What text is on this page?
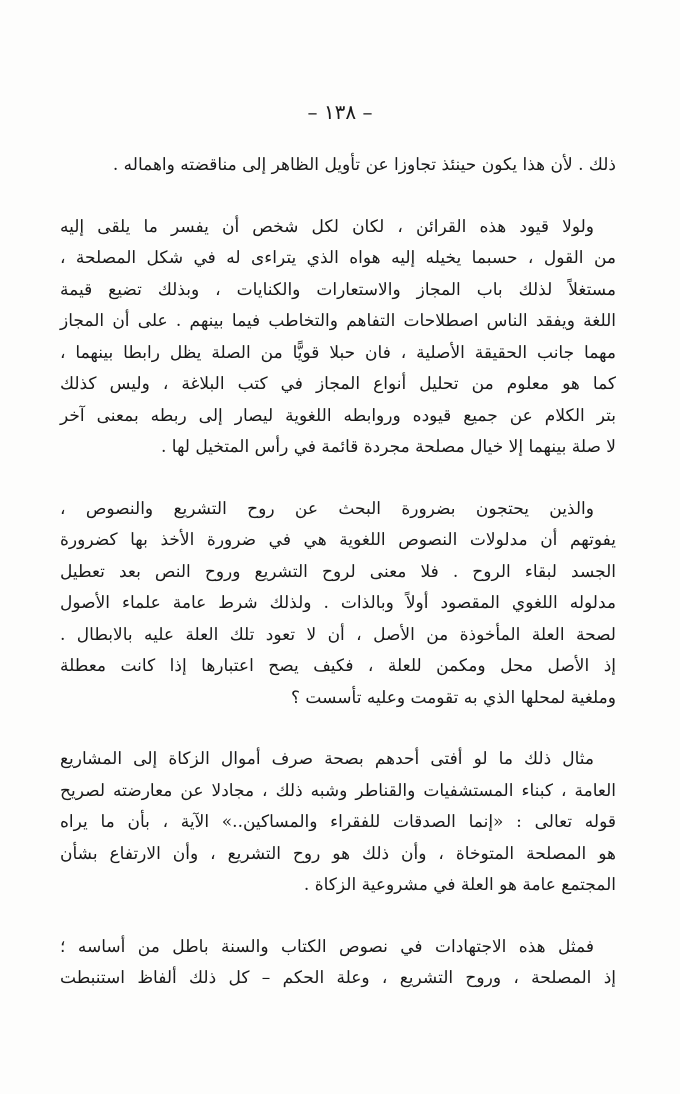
– ١٣٨ –
ذلك . لأن هذا يكون حينئذ تجاوزا عن تأويل الظاهر إلى مناقضته واهماله .
ولولا قيود هذه القرائن ، لكان لكل شخص أن يفسر ما يلقى إليه
من القول ، حسبما يخيله إليه هواه الذي يتراءى له في شكل المصلحة ،
مستغلاً لذلك باب المجاز والاستعارات والكنايات ، وبذلك تضيع قيمة
اللغة ويفقد الناس اصطلاحات التفاهم والتخاطب فيما بينهم . على أن المجاز
مهما جانب الحقيقة الأصلية ، فان حبلا قويًّا من الصلة يظل رابطا بينهما ،
كما هو معلوم من تحليل أنواع المجاز في كتب البلاغة ، وليس كذلك
بتر الكلام عن جميع قيوده وروابطه اللغوية ليصار إلى ربطه بمعنى آخر
لا صلة بينهما إلا خيال مصلحة مجردة قائمة في رأس المتخيل لها .
والذين يحتجون بضرورة البحث عن روح التشريع والنصوص ،
يفوتهم أن مدلولات النصوص اللغوية هي في ضرورة الأخذ بها كضرورة
الجسد لبقاء الروح . فلا معنى لروح التشريع وروح النص بعد تعطيل
مدلوله اللغوي المقصود أولاً وبالذات . ولذلك شرط عامة علماء الأصول
لصحة العلة المأخوذة من الأصل ، أن لا تعود تلك العلة عليه بالابطال .
إذ الأصل محل ومكمن للعلة ، فكيف يصح اعتبارها إذا كانت معطلة
وملغية لمحلها الذي به تقومت وعليه تأسست ؟
مثال ذلك ما لو أفتى أحدهم بصحة صرف أموال الزكاة إلى المشاريع
العامة ، كبناء المستشفيات والقناطر وشبه ذلك ، مجادلا عن معارضته لصريح
قوله تعالى : «إنما الصدقات للفقراء والمساكين..» الآية ، بأن ما يراه
هو المصلحة المتوخاة ، وأن ذلك هو روح التشريع ، وأن الارتفاع بشأن
المجتمع عامة هو العلة في مشروعية الزكاة .
فمثل هذه الاجتهادات في نصوص الكتاب والسنة باطل من أساسه ؛
إذ المصلحة ، وروح التشريع ، وعلة الحكم – كل ذلك ألفاظ استنبطت
